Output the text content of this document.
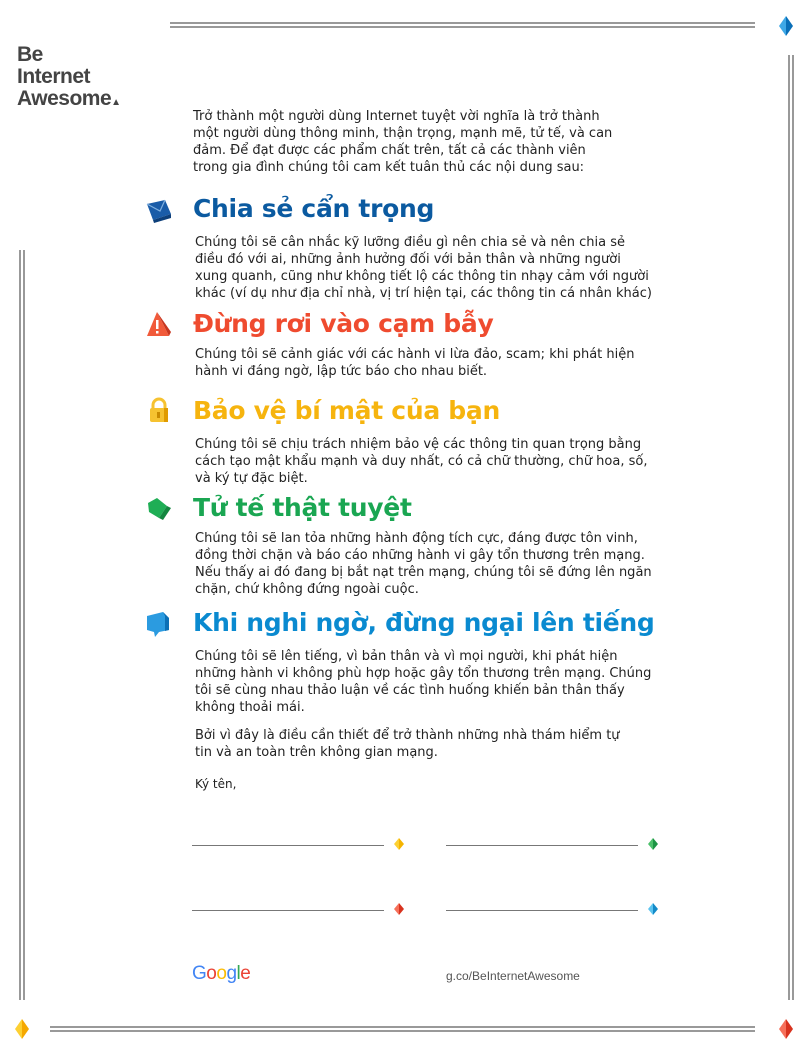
Be
Internet
Awesome▲
Trở thành một người dùng Internet tuyệt vời nghĩa là trở thành một người dùng thông minh, thận trọng, mạnh mẽ, tử tế, và can đảm. Để đạt được các phẩm chất trên, tất cả các thành viên trong gia đình chúng tôi cam kết tuân thủ các nội dung sau:
Chia sẻ cẩn trọng
Chúng tôi sẽ cân nhắc kỹ lưỡng điều gì nên chia sẻ và nên chia sẻ điều đó với ai, những ảnh hưởng đối với bản thân và những người xung quanh, cũng như không tiết lộ các thông tin nhạy cảm với người khác (ví dụ như địa chỉ nhà, vị trí hiện tại, các thông tin cá nhân khác)
Đừng rơi vào cạm bẫy
Chúng tôi sẽ cảnh giác với các hành vi lừa đảo, scam; khi phát hiện hành vi đáng ngờ, lập tức báo cho nhau biết.
Bảo vệ bí mật của bạn
Chúng tôi sẽ chịu trách nhiệm bảo vệ các thông tin quan trọng bằng cách tạo mật khẩu mạnh và duy nhất, có cả chữ thường, chữ hoa, số, và ký tự đặc biệt.
Tử tế thật tuyệt
Chúng tôi sẽ lan tỏa những hành động tích cực, đáng được tôn vinh, đồng thời chặn và báo cáo những hành vi gây tổn thương trên mạng. Nếu thấy ai đó đang bị bắt nạt trên mạng, chúng tôi sẽ đứng lên ngăn chặn, chứ không đứng ngoài cuộc.
Khi nghi ngờ, đừng ngại lên tiếng
Chúng tôi sẽ lên tiếng, vì bản thân và vì mọi người, khi phát hiện những hành vi không phù hợp hoặc gây tổn thương trên mạng. Chúng tôi sẽ cùng nhau thảo luận về các tình huống khiến bản thân thấy không thoải mái.
Bởi vì đây là điều cần thiết để trở thành những nhà thám hiểm tự tin và an toàn trên không gian mạng.
Ký tên,
Google	g.co/BeInternetAwesome
